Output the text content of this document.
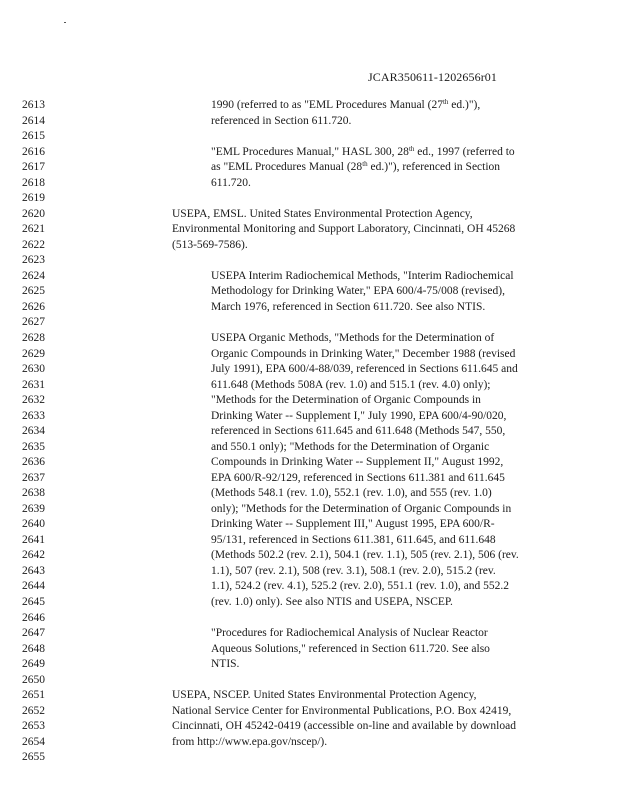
JCAR350611-1202656r01
2613	1990 (referred to as "EML Procedures Manual (27th ed.)"),
2614	referenced in Section 611.720.
2615
2616	"EML Procedures Manual," HASL 300, 28th ed., 1997 (referred to
2617	as "EML Procedures Manual (28th ed.)"), referenced in Section
2618	611.720.
2619
2620	USEPA, EMSL. United States Environmental Protection Agency,
2621	Environmental Monitoring and Support Laboratory, Cincinnati, OH 45268
2622	(513-569-7586).
2623
2624	USEPA Interim Radiochemical Methods, "Interim Radiochemical
2625	Methodology for Drinking Water," EPA 600/4-75/008 (revised),
2626	March 1976, referenced in Section 611.720. See also NTIS.
2627
2628	USEPA Organic Methods, "Methods for the Determination of
2629	Organic Compounds in Drinking Water," December 1988 (revised
2630	July 1991), EPA 600/4-88/039, referenced in Sections 611.645 and
2631	611.648 (Methods 508A (rev. 1.0) and 515.1 (rev. 4.0) only);
2632	"Methods for the Determination of Organic Compounds in
2633	Drinking Water -- Supplement I," July 1990, EPA 600/4-90/020,
2634	referenced in Sections 611.645 and 611.648 (Methods 547, 550,
2635	and 550.1 only); "Methods for the Determination of Organic
2636	Compounds in Drinking Water -- Supplement II," August 1992,
2637	EPA 600/R-92/129, referenced in Sections 611.381 and 611.645
2638	(Methods 548.1 (rev. 1.0), 552.1 (rev. 1.0), and 555 (rev. 1.0)
2639	only); "Methods for the Determination of Organic Compounds in
2640	Drinking Water -- Supplement III," August 1995, EPA 600/R-
2641	95/131, referenced in Sections 611.381, 611.645, and 611.648
2642	(Methods 502.2 (rev. 2.1), 504.1 (rev. 1.1), 505 (rev. 2.1), 506 (rev.
2643	1.1), 507 (rev. 2.1), 508 (rev. 3.1), 508.1 (rev. 2.0), 515.2 (rev.
2644	1.1), 524.2 (rev. 4.1), 525.2 (rev. 2.0), 551.1 (rev. 1.0), and 552.2
2645	(rev. 1.0) only). See also NTIS and USEPA, NSCEP.
2646
2647	"Procedures for Radiochemical Analysis of Nuclear Reactor
2648	Aqueous Solutions," referenced in Section 611.720. See also
2649	NTIS.
2650
2651	USEPA, NSCEP. United States Environmental Protection Agency,
2652	National Service Center for Environmental Publications, P.O. Box 42419,
2653	Cincinnati, OH 45242-0419 (accessible on-line and available by download
2654	from http://www.epa.gov/nscep/).
2655
